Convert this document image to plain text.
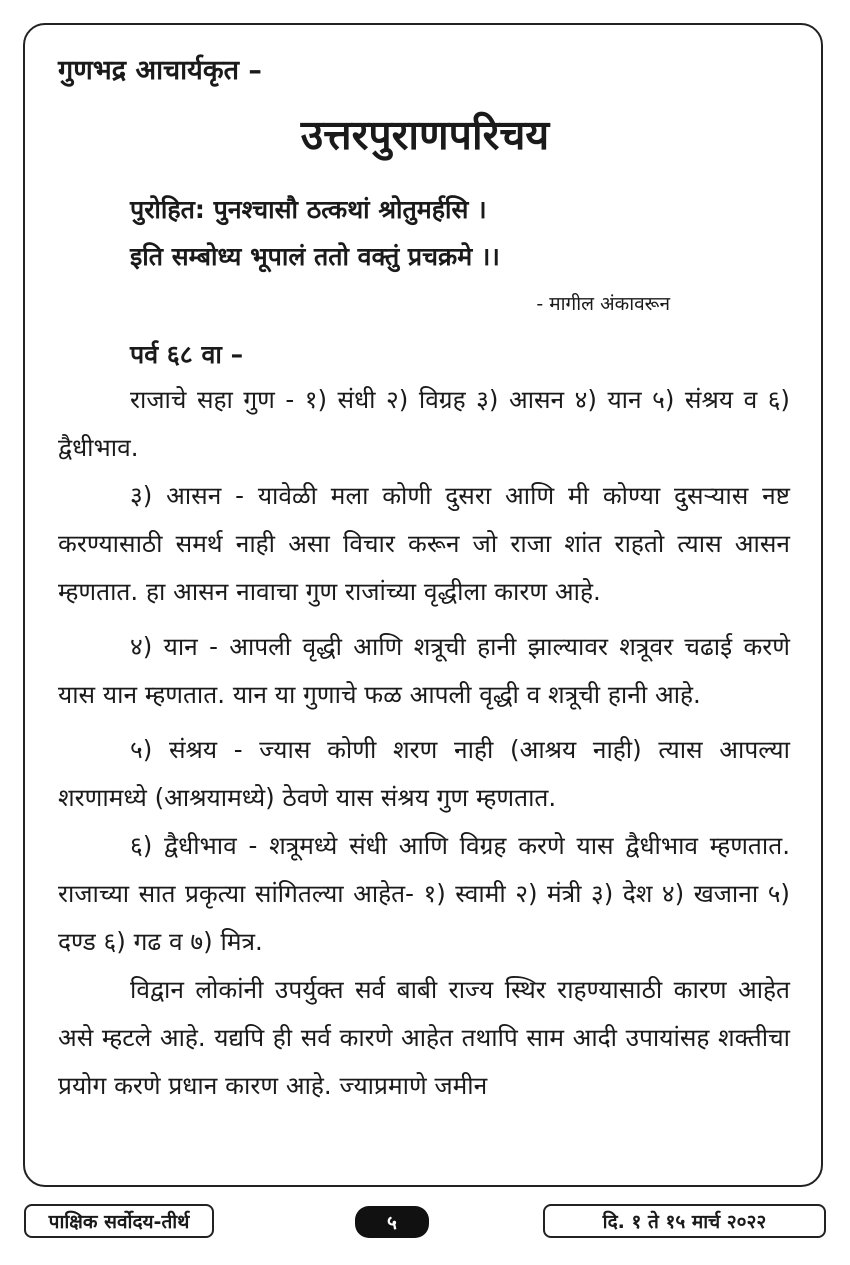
गुणभद्र आचार्यकृत –
उत्तरपुराणपरिचय
पुरोहित: पुनश्चासौ ठत्कथां श्रोतुमर्हसि ।
इति सम्बोध्य भूपालं ततो वक्तुं प्रचक्रमे ।।
- मागील अंकावरून
पर्व ६८ वा –

राजाचे सहा गुण - १) संधी २) विग्रह ३) आसन ४) यान ५) संश्रय व ६) द्वैधीभाव.

३) आसन - यावेळी मला कोणी दुसरा आणि मी कोण्या दुसऱ्यास नष्ट करण्यासाठी समर्थ नाही असा विचार करून जो राजा शांत राहतो त्यास आसन म्हणतात. हा आसन नावाचा गुण राजांच्या वृद्धीला कारण आहे.

४) यान - आपली वृद्धी आणि शत्रूची हानी झाल्यावर शत्रूवर चढाई करणे यास यान म्हणतात. यान या गुणाचे फळ आपली वृद्धी व शत्रूची हानी आहे.

५) संश्रय - ज्यास कोणी शरण नाही (आश्रय नाही) त्यास आपल्या शरणामध्ये (आश्रयामध्ये) ठेवणे यास संश्रय गुण म्हणतात.

६) द्वैधीभाव - शत्रूमध्ये संधी आणि विग्रह करणे यास द्वैधीभाव म्हणतात. राजाच्या सात प्रकृत्या सांगितल्या आहेत- १) स्वामी २) मंत्री ३) देश ४) खजाना ५) दण्ड ६) गढ व ७) मित्र.

विद्वान लोकांनी उपर्युक्त सर्व बाबी राज्य स्थिर राहण्यासाठी कारण आहेत असे म्हटले आहे. यद्यपि ही सर्व कारणे आहेत तथापि साम आदी उपायांसह शक्तीचा प्रयोग करणे प्रधान कारण आहे. ज्याप्रमाणे जमीन

पाक्षिक सर्वोदय-तीर्थ	५	दि. १ ते १५ मार्च २०२२
